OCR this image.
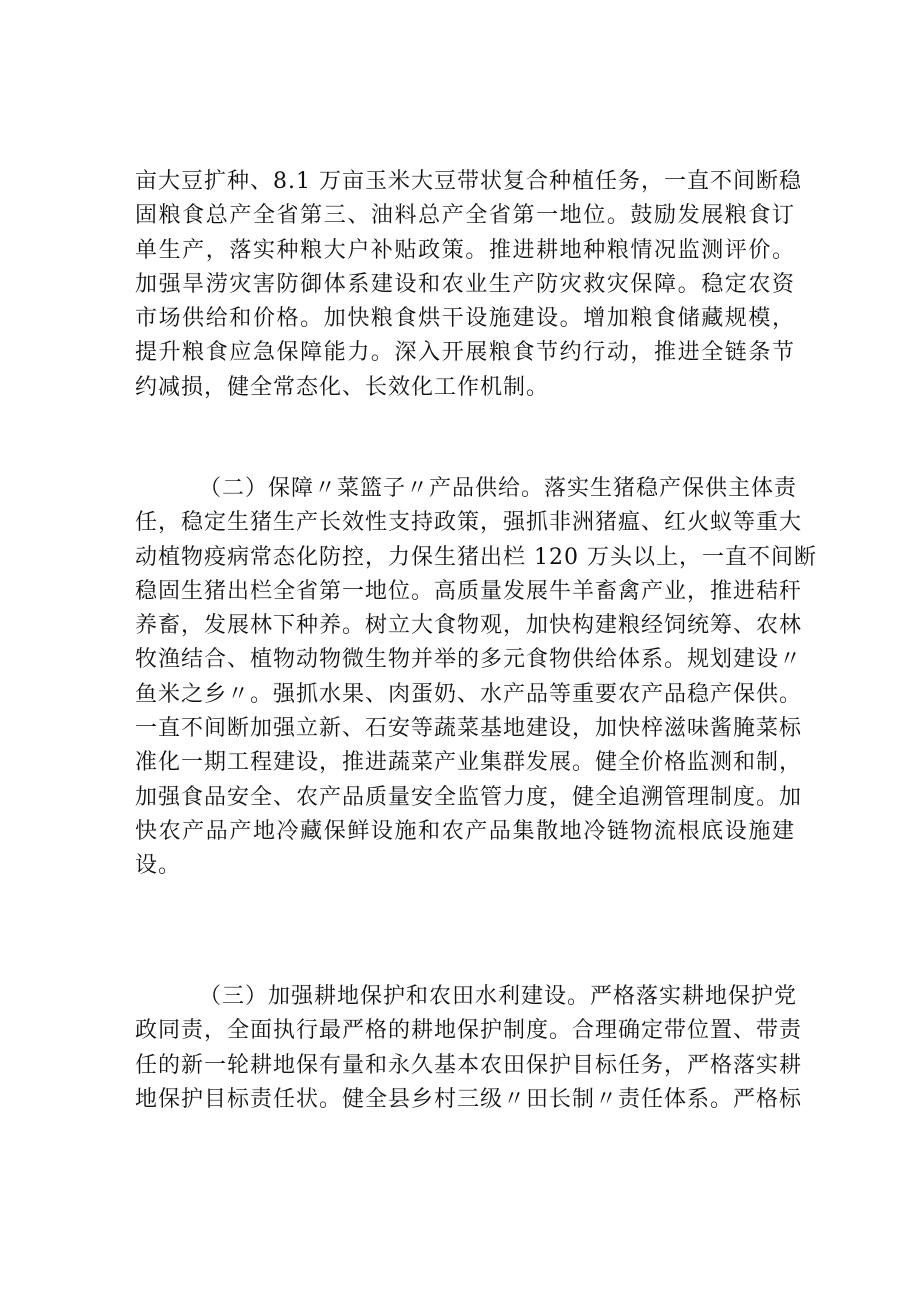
亩大豆扩种、8.1 万亩玉米大豆带状复合种植任务，一直不间断稳
固粮食总产全省第三、油料总产全省第一地位。鼓励发展粮食订
单生产，落实种粮大户补贴政策。推进耕地种粮情况监测评价。
加强旱涝灾害防御体系建设和农业生产防灾救灾保障。稳定农资
市场供给和价格。加快粮食烘干设施建设。增加粮食储藏规模，
提升粮食应急保障能力。深入开展粮食节约行动，推进全链条节
约减损，健全常态化、长效化工作机制。
（二）保障〃菜篮子〃产品供给。落实生猪稳产保供主体责
任，稳定生猪生产长效性支持政策，强抓非洲猪瘟、红火蚁等重大
动植物疫病常态化防控，力保生猪出栏 120 万头以上，一直不间断
稳固生猪出栏全省第一地位。高质量发展牛羊畜禽产业，推进秸秆
养畜，发展林下种养。树立大食物观，加快构建粮经饲统筹、农林
牧渔结合、植物动物微生物并举的多元食物供给体系。规划建设〃
鱼米之乡〃。强抓水果、肉蛋奶、水产品等重要农产品稳产保供。
一直不间断加强立新、石安等蔬菜基地建设，加快梓滋味酱腌菜标
准化一期工程建设，推进蔬菜产业集群发展。健全价格监测和制，
加强食品安全、农产品质量安全监管力度，健全追溯管理制度。加
快农产品产地冷藏保鲜设施和农产品集散地冷链物流根底设施建
设。
（三）加强耕地保护和农田水利建设。严格落实耕地保护党
政同责，全面执行最严格的耕地保护制度。合理确定带位置、带责
任的新一轮耕地保有量和永久基本农田保护目标任务，严格落实耕
地保护目标责任状。健全县乡村三级〃田长制〃责任体系。严格标
